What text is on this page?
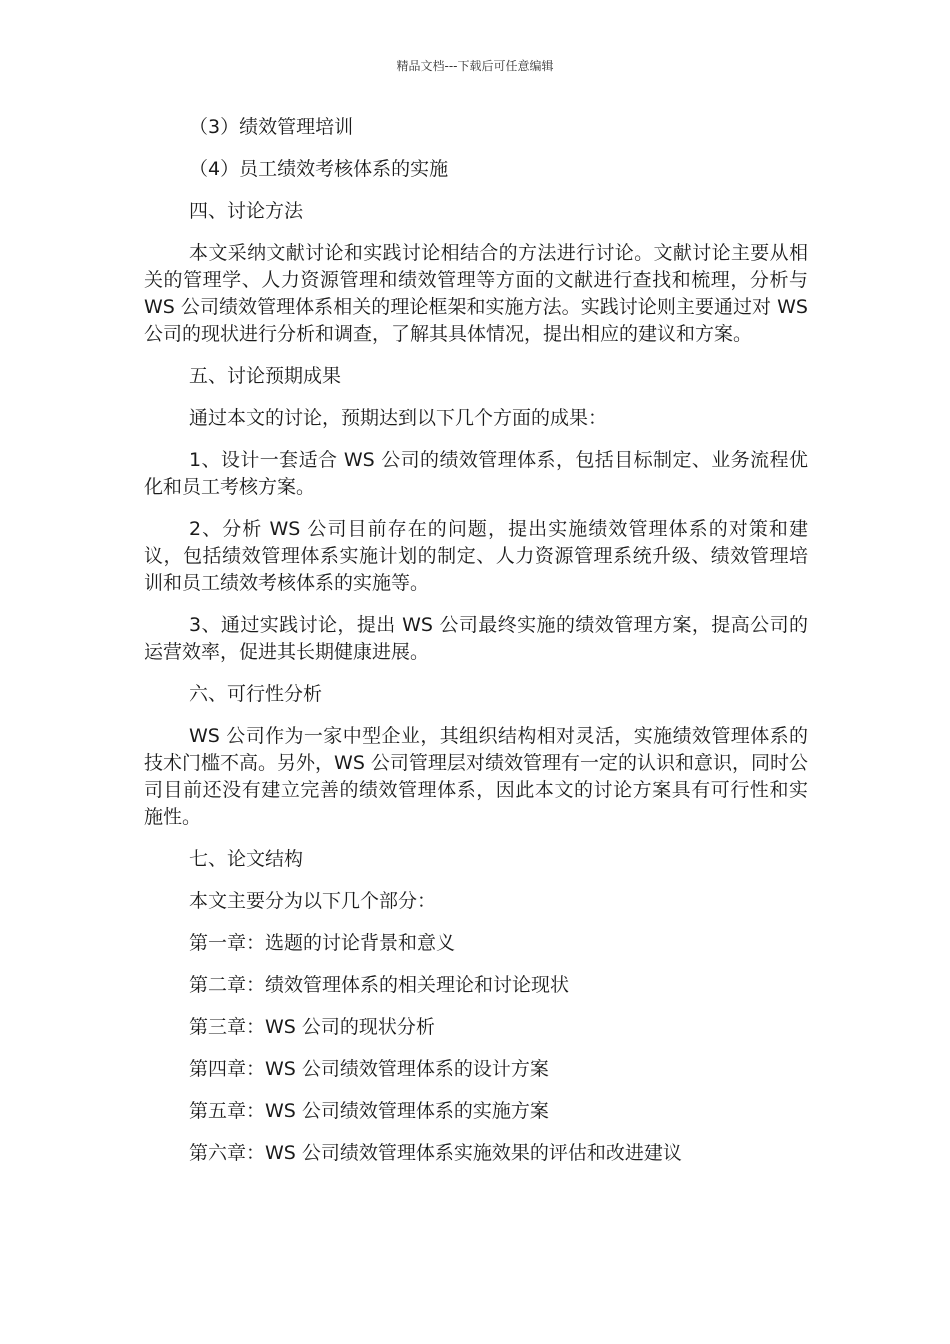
精品文档---下载后可任意编辑

（3）绩效管理培训

（4）员工绩效考核体系的实施

四、讨论方法

本文采纳文献讨论和实践讨论相结合的方法进行讨论。文献讨论主要从相关的管理学、人力资源管理和绩效管理等方面的文献进行查找和梳理，分析与 WS 公司绩效管理体系相关的理论框架和实施方法。实践讨论则主要通过对 WS 公司的现状进行分析和调查，了解其具体情况，提出相应的建议和方案。

五、讨论预期成果

通过本文的讨论，预期达到以下几个方面的成果：

1、设计一套适合 WS 公司的绩效管理体系，包括目标制定、业务流程优化和员工考核方案。

2、分析 WS 公司目前存在的问题，提出实施绩效管理体系的对策和建议，包括绩效管理体系实施计划的制定、人力资源管理系统升级、绩效管理培训和员工绩效考核体系的实施等。

3、通过实践讨论，提出 WS 公司最终实施的绩效管理方案，提高公司的运营效率，促进其长期健康进展。

六、可行性分析

WS 公司作为一家中型企业，其组织结构相对灵活，实施绩效管理体系的技术门槛不高。另外，WS 公司管理层对绩效管理有一定的认识和意识，同时公司目前还没有建立完善的绩效管理体系，因此本文的讨论方案具有可行性和实施性。

七、论文结构

本文主要分为以下几个部分：

第一章：选题的讨论背景和意义

第二章：绩效管理体系的相关理论和讨论现状

第三章：WS 公司的现状分析

第四章：WS 公司绩效管理体系的设计方案

第五章：WS 公司绩效管理体系的实施方案

第六章：WS 公司绩效管理体系实施效果的评估和改进建议
